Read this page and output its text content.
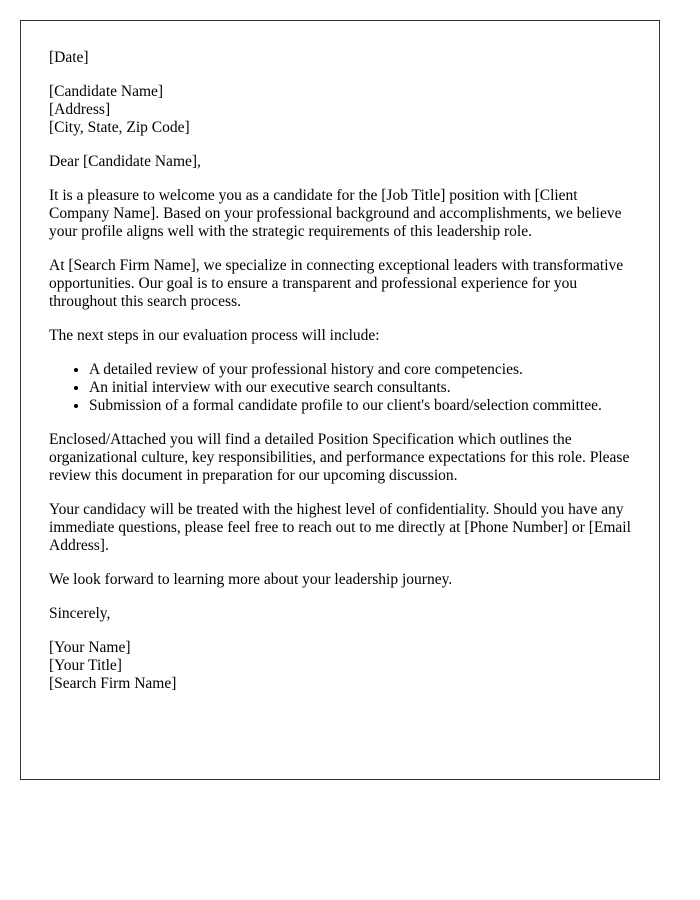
[Date]

[Candidate Name]
[Address]
[City, State, Zip Code]

Dear [Candidate Name],

It is a pleasure to welcome you as a candidate for the [Job Title] position with [Client Company Name]. Based on your professional background and accomplishments, we believe your profile aligns well with the strategic requirements of this leadership role.

At [Search Firm Name], we specialize in connecting exceptional leaders with transformative opportunities. Our goal is to ensure a transparent and professional experience for you throughout this search process.

The next steps in our evaluation process will include:

• A detailed review of your professional history and core competencies.
• An initial interview with our executive search consultants.
• Submission of a formal candidate profile to our client's board/selection committee.

Enclosed/Attached you will find a detailed Position Specification which outlines the organizational culture, key responsibilities, and performance expectations for this role. Please review this document in preparation for our upcoming discussion.

Your candidacy will be treated with the highest level of confidentiality. Should you have any immediate questions, please feel free to reach out to me directly at [Phone Number] or [Email Address].

We look forward to learning more about your leadership journey.

Sincerely,

[Your Name]
[Your Title]
[Search Firm Name]
